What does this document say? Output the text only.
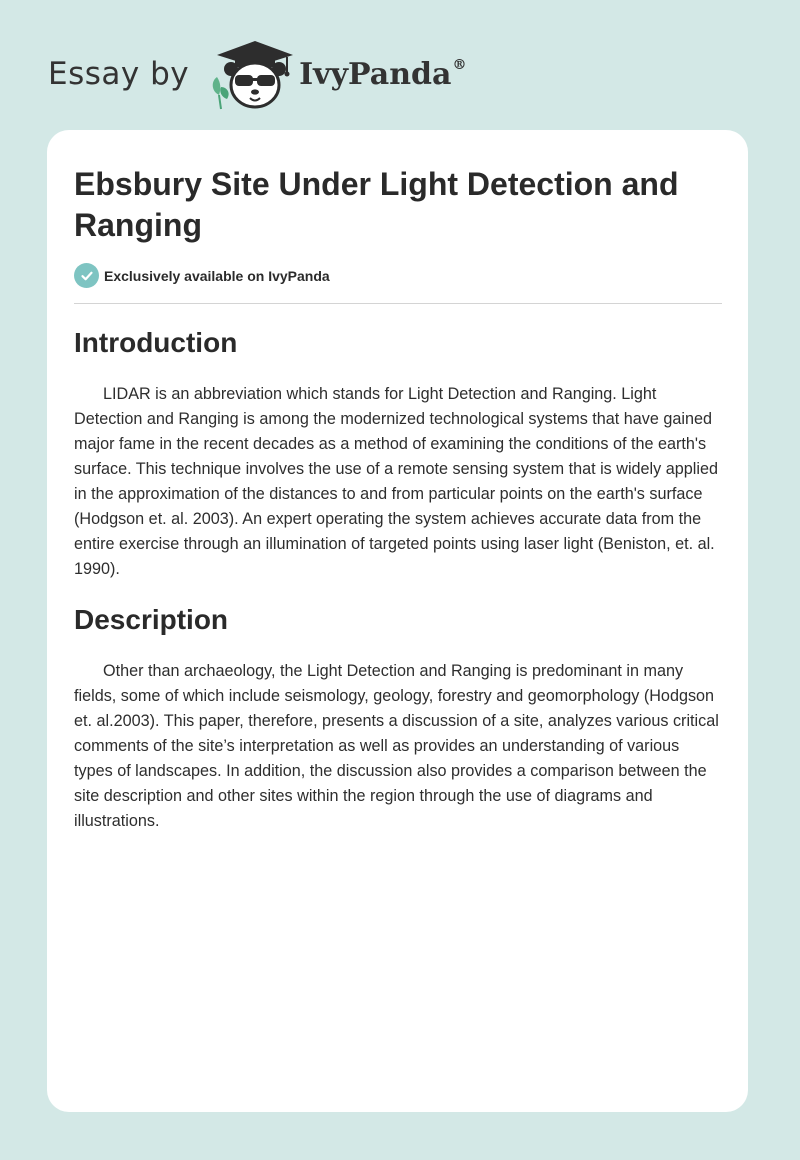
Essay by	IvyPanda®
Ebsbury Site Under Light Detection and Ranging
Exclusively available on IvyPanda
Introduction

LIDAR is an abbreviation which stands for Light Detection and Ranging. Light Detection and Ranging is among the modernized technological systems that have gained major fame in the recent decades as a method of examining the conditions of the earth's surface. This technique involves the use of a remote sensing system that is widely applied in the approximation of the distances to and from particular points on the earth's surface (Hodgson et. al. 2003). An expert operating the system achieves accurate data from the entire exercise through an illumination of targeted points using laser light (Beniston, et. al. 1990).

Description

Other than archaeology, the Light Detection and Ranging is predominant in many fields, some of which include seismology, geology, forestry and geomorphology (Hodgson et. al.2003). This paper, therefore, presents a discussion of a site, analyzes various critical comments of the site’s interpretation as well as provides an understanding of various types of landscapes. In addition, the discussion also provides a comparison between the site description and other sites within the region through the use of diagrams and illustrations.
